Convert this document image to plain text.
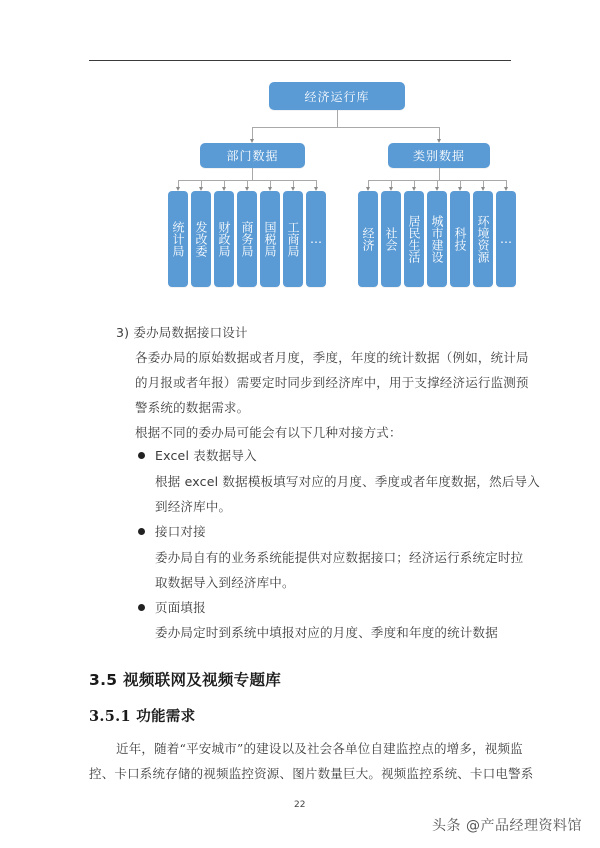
经济运行库
部门数据	类别数据
统计局 发改委 财政局 商务局 国税局 工商局 …	经济 社会 居民生活 城市建设 科技 环境资源 …
3) 委办局数据接口设计
各委办局的原始数据或者月度，季度，年度的统计数据（例如，统计局
的月报或者年报）需要定时同步到经济库中，用于支撑经济运行监测预
警系统的数据需求。
根据不同的委办局可能会有以下几种对接方式：
Excel 表数据导入
根据 excel 数据模板填写对应的月度、季度或者年度数据，然后导入
到经济库中。
接口对接
委办局自有的业务系统能提供对应数据接口；经济运行系统定时拉
取数据导入到经济库中。
页面填报
委办局定时到系统中填报对应的月度、季度和年度的统计数据
3.5 视频联网及视频专题库
3.5.1 功能需求
近年，随着“平安城市”的建设以及社会各单位自建监控点的增多，视频监
控、卡口系统存储的视频监控资源、图片数量巨大。视频监控系统、卡口电警系
22
头条 @产品经理资料馆
